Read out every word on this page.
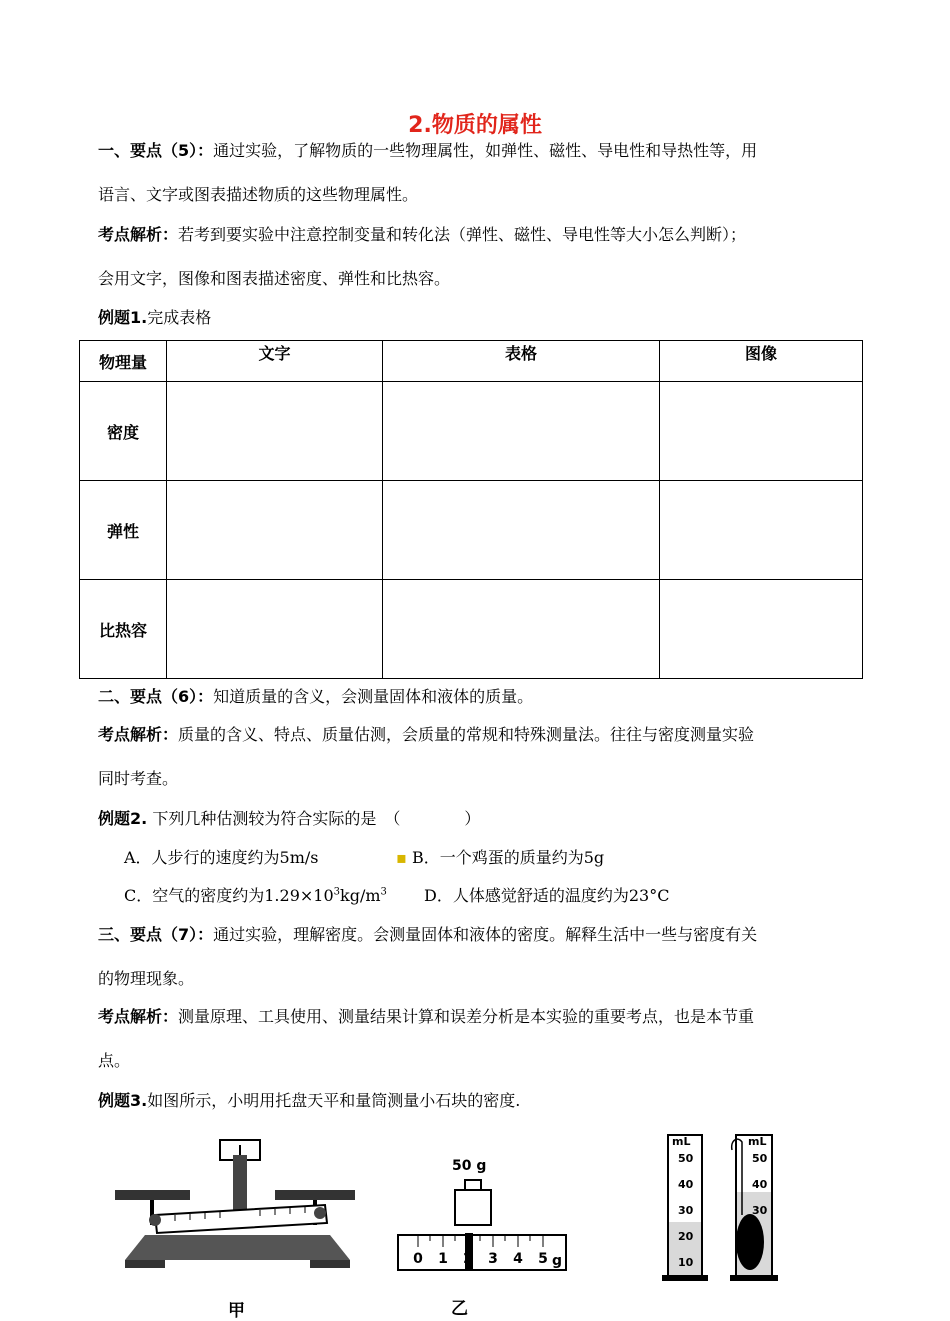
2.物质的属性
一、要点（5）：通过实验，了解物质的一些物理属性，如弹性、磁性、导电性和导热性等，用
语言、文字或图表描述物质的这些物理属性。
考点解析：若考到要实验中注意控制变量和转化法（弹性、磁性、导电性等大小怎么判断）；
会用文字，图像和图表描述密度、弹性和比热容。
例题1.完成表格
物理量	文字	表格	图像
密度			
弹性			
比热容			
二、要点（6）：知道质量的含义，会测量固体和液体的质量。
考点解析：质量的含义、特点、质量估测，会质量的常规和特殊测量法。往往与密度测量实验
同时考查。
例题2. 下列几种估测较为符合实际的是　（　　　　）
A．人步行的速度约为5m/s	▪ B．一个鸡蛋的质量约为5g
C．空气的密度约为$1.29\times 10^3kg/m^3$ D．人体感觉舒适的温度约为23°C
三、要点（7）：通过实验，理解密度。会测量固体和液体的密度。解释生活中一些与密度有关
的物理现象。
考点解析：测量原理、工具使用、测量结果计算和误差分析是本实验的重要考点，也是本节重
点。
例题3.如图所示，小明用托盘天平和量筒测量小石块的密度.
50 g
0 1 2 3 4 5 g
mL
50
40
30
20
10
mL
50
40
30
甲	乙
